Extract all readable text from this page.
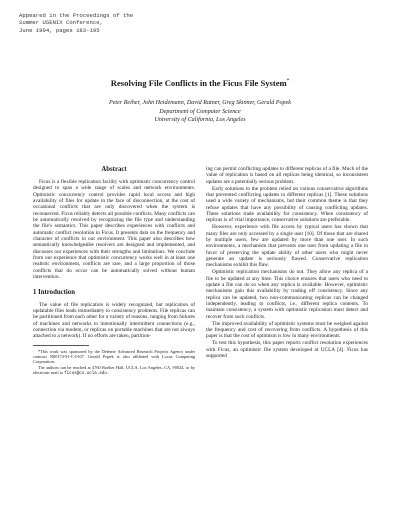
Appeared in the Proceedings of the
Summer USENIX Conference,
June 1994, pages 183-195
Resolving File Conflicts in the Ficus File System*
Peter Reiher, John Heidemann, David Ratner, Greg Skinner, Gerald Popek
Department of Computer Science
University of California, Los Angeles
Abstract

Ficus is a flexible replication facility with optimistic concurrency control designed to span a wide range of scales and network environments. Optimistic concurrency control provides rapid local access and high availability of files for update in the face of disconnection, at the cost of occasional conflicts that are only discovered when the system is reconnected. Ficus reliably detects all possible conflicts. Many conflicts can be automatically resolved by recognizing the file type and understanding the file's semantics. This paper describes experiences with conflicts and automatic conflict resolution in Ficus. It presents data on the frequency and character of conflicts in our environment. This paper also describes how semantically knowledgeable resolvers are designed and implemented, and discusses our experiences with their strengths and limitations. We conclude from our experience that optimistic concurrency works well in at least one realistic environment, conflicts are rare, and a large proportion of those conflicts that do occur can be automatically solved without human intervention.

1 Introduction

The value of file replication is widely recognized, but replication of updatable files leads immediately to consistency problems. File replicas can be partitioned from each other for a variety of reasons, ranging from failures of machines and networks to intentionally intermittent connections (e.g., connection via modem, or replicas on portable machines that are not always attached to a network). If no efforts are taken, partition-

*This work was sponsored by the Defense Advanced Research Projects Agency under contract N00174-91-C-0107. Gerald Popek is also affiliated with Locus Computing Corporation.

The authors can be reached at 4760 Boelter Hall, UCLA, Los Angeles, CA, 90024, or by electronic mail to ficus@cs.ucla.edu.

ing can permit conflicting updates to different replicas of a file. Much of the value of replication is based on all replicas being identical, so inconsistent updates are a potentially serious problem.

Early solutions to the problem relied on various conservative algorithms that prevented conflicting updates to different replicas [1]. These solutions used a wide variety of mechanisms, but their common theme is that they refuse updates that have any possibility of causing conflicting updates. These solutions trade availability for consistency. When consistency of replicas is of vital importance, conservative solutions are preferable.

However, experience with file access by typical users has shown that many files are only accessed by a single user [10]. Of those that are shared by multiple users, few are updated by more than one user. In such environments, a mechanism that prevents one user from updating a file in favor of preserving the update ability of other users who might never generate an update is seriously flawed. Conservative replication mechanisms exhibit this flaw.

Optimistic replication mechanisms do not. They allow any replica of a file to be updated at any time. This choice ensures that users who need to update a file can do so when any replica is available. However, optimistic mechanisms gain this availability by trading off consistency. Since any replica can be updated, two non-communicating replicas can be changed independently, leading to conflicts, i.e., different replica contents. To maintain consistency, a system with optimistic replication must detect and recover from such conflicts.

The improved availability of optimistic systems must be weighed against the frequency and cost of recovering from conflicts. A hypothesis of this paper is that the cost of optimism is low in many environments.

To test this hypothesis, this paper reports conflict resolution experiences with Ficus, an optimistic file system developed at UCLA [4]. Ficus has supported
